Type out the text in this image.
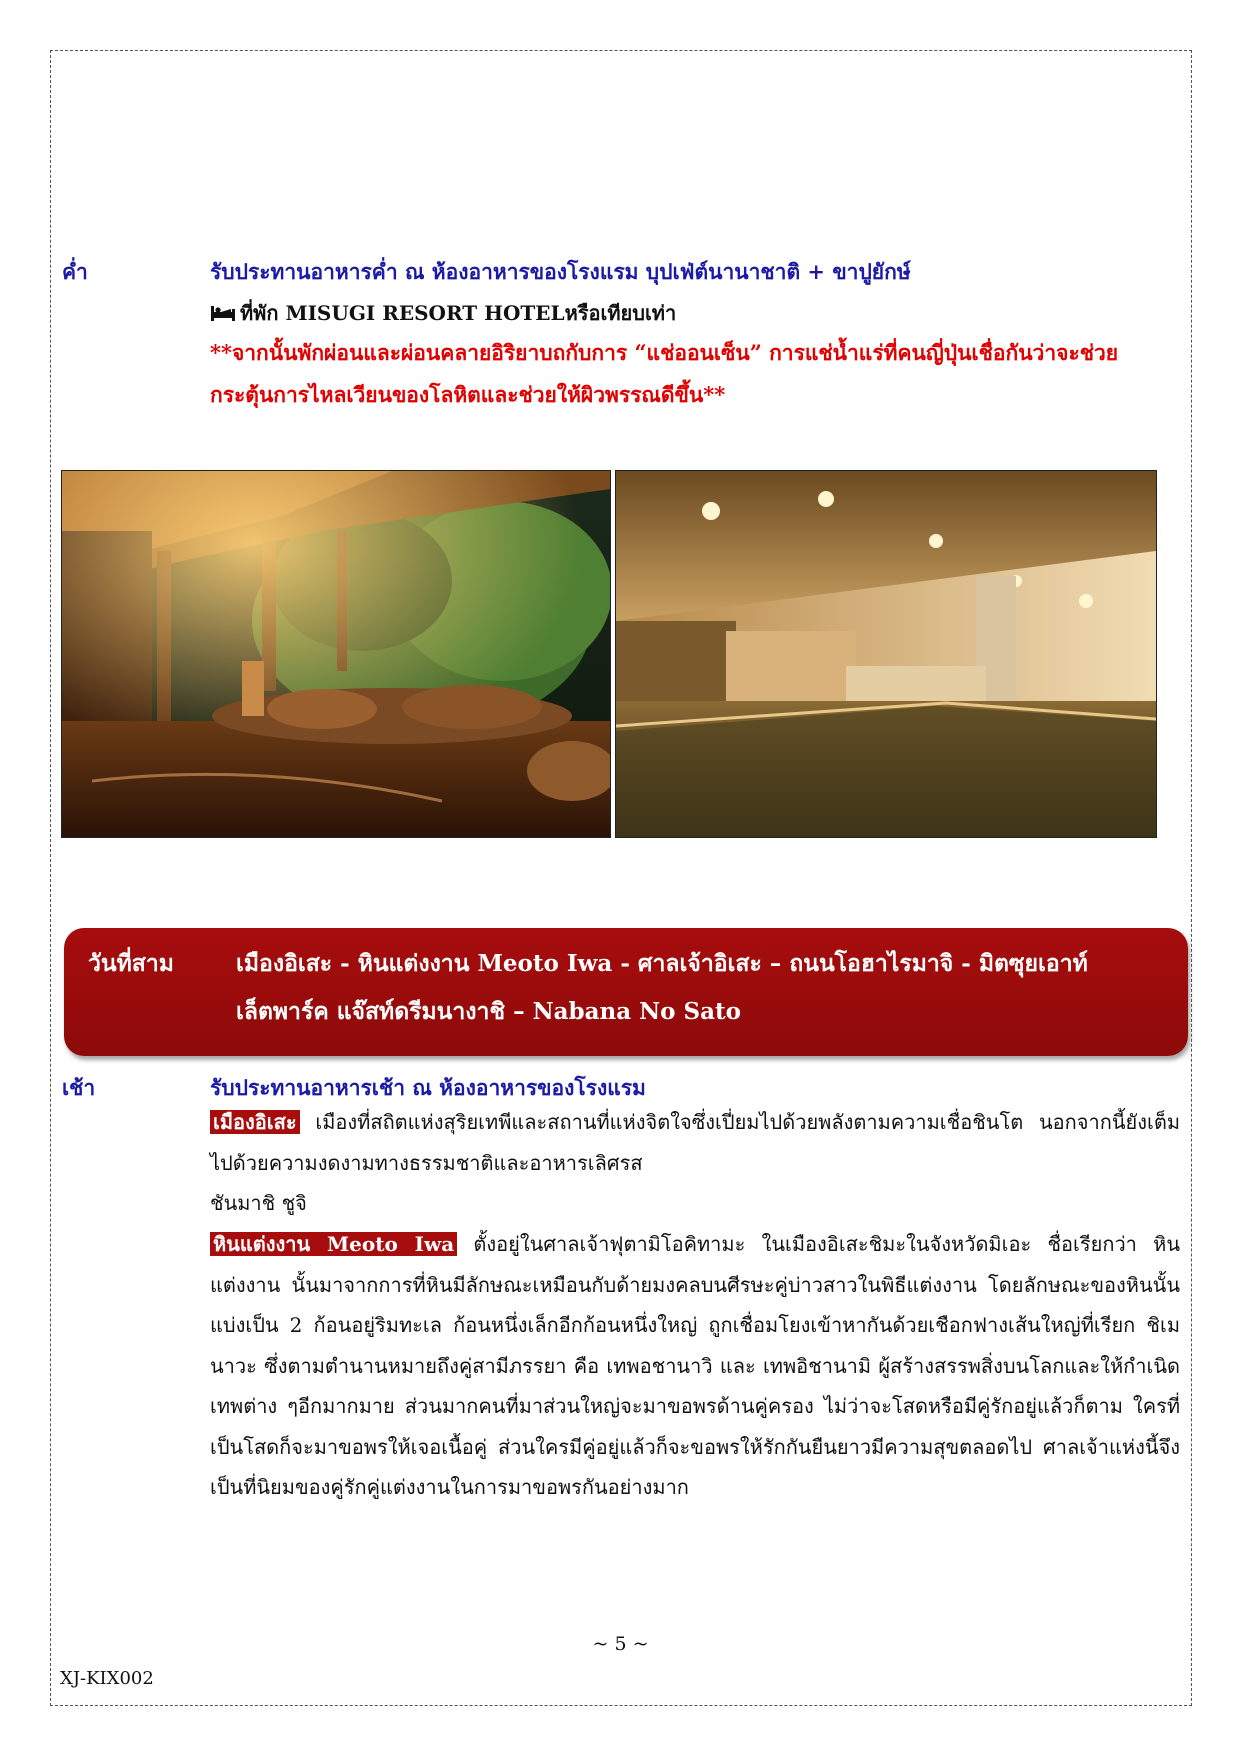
ค่ำ	รับประทานอาหารค่ำ ณ ห้องอาหารของโรงแรม บุปเฟ่ต์นานาชาติ + ขาปูยักษ์
ที่พัก MISUGI RESORT HOTELหรือเทียบเท่า
**จากนั้นพักผ่อนและผ่อนคลายอิริยาบถกับการ “แช่ออนเซ็น” การแช่น้ำแร่ที่คนญี่ปุ่นเชื่อกันว่าจะช่วย
กระตุ้นการไหลเวียนของโลหิตและช่วยให้ผิวพรรณดีขึ้น**
วันที่สาม	เมืองอิเสะ - หินแต่งงาน Meoto Iwa - ศาลเจ้าอิเสะ – ถนนโอฮาไรมาจิ - มิตซุยเอาท์
เล็ตพาร์ค แจ๊สท์ดรีมนางาชิ – Nabana No Sato
เช้า	รับประทานอาหารเช้า ณ ห้องอาหารของโรงแรม
เมืองอิเสะ เมืองที่สถิตแห่งสุริยเทพีและสถานที่แห่งจิตใจซึ่งเปี่ยมไปด้วยพลังตามความเชื่อชินโต นอกจากนี้ยังเต็มไปด้วยความงดงามทางธรรมชาติและอาหารเลิศรส
ชันมาชิ ชูจิ
หินแต่งงาน Meoto Iwa ตั้งอยู่ในศาลเจ้าฟุตามิโอคิทามะ ในเมืองอิเสะชิมะในจังหวัดมิเอะ ชื่อเรียกว่า หินแต่งงาน นั้นมาจากการที่หินมีลักษณะเหมือนกับด้ายมงคลบนศีรษะคู่บ่าวสาวในพิธีแต่งงาน โดยลักษณะของหินนั้นแบ่งเป็น 2 ก้อนอยู่ริมทะเล ก้อนหนึ่งเล็กอีกก้อนหนึ่งใหญ่ ถูกเชื่อมโยงเข้าหากันด้วยเชือกฟางเส้นใหญ่ที่เรียก ชิเมนาวะ ซึ่งตามตำนานหมายถึงคู่สามีภรรยา คือ เทพอชานาวิ และ เทพอิชานามิ ผู้สร้างสรรพสิ่งบนโลกและให้กำเนิดเทพต่าง ๆอีกมากมาย ส่วนมากคนที่มาส่วนใหญ่จะมาขอพรด้านคู่ครอง ไม่ว่าจะโสดหรือมีคู่รักอยู่แล้วก็ตาม ใครที่เป็นโสดก็จะมาขอพรให้เจอเนื้อคู่ ส่วนใครมีคู่อยู่แล้วก็จะขอพรให้รักกันยืนยาวมีความสุขตลอดไป ศาลเจ้าแห่งนี้จึงเป็นที่นิยมของคู่รักคู่แต่งงานในการมาขอพรกันอย่างมาก
~ 5 ~
XJ-KIX002
